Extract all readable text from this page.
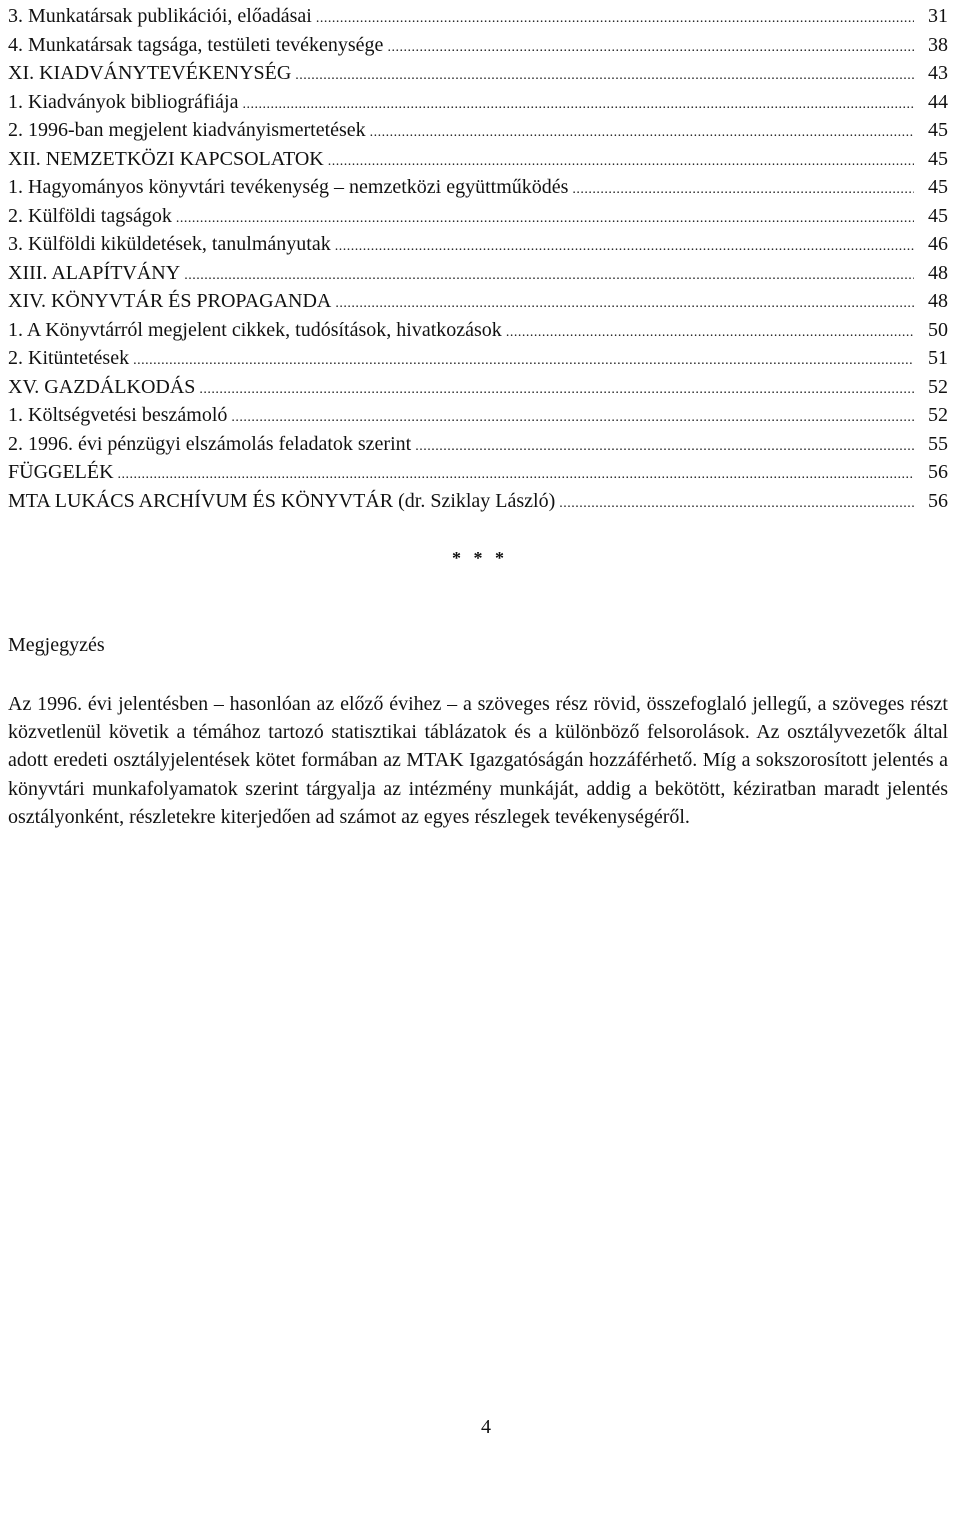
3. Munkatársak publikációi, előadásai .....	31
4. Munkatársak tagsága, testületi tevékenysége .....	38
XI. KIADVÁNYTEVÉKENYSÉG .....	43
1. Kiadványok bibliográfiája .....	44
2. 1996-ban megjelent kiadványismertetések .....	45
XII. NEMZETKÖZI KAPCSOLATOK .....	45
1. Hagyományos könyvtári tevékenység – nemzetközi együttműködés .....	45
2. Külföldi tagságok .....	45
3. Külföldi kiküldetések, tanulmányutak .....	46
XIII. ALAPÍTVÁNY .....	48
XIV. KÖNYVTÁR ÉS PROPAGANDA .....	48
1. A Könyvtárról megjelent cikkek, tudósítások, hivatkozások .....	50
2. Kitüntetések .....	51
XV. GAZDÁLKODÁS .....	52
1. Költségvetési beszámoló .....	52
2. 1996. évi pénzügyi elszámolás feladatok szerint .....	55
FÜGGELÉK .....	56
MTA LUKÁCS ARCHÍVUM ÉS KÖNYVTÁR (dr. Sziklay László) .....	56
* * *
Megjegyzés

Az 1996. évi jelentésben – hasonlóan az előző évihez – a szöveges rész rövid, összefoglaló jellegű, a szöveges részt közvetlenül követik a témához tartozó statisztikai táblázatok és a különböző felsorolások. Az osztályvezetők által adott eredeti osztályjelentések kötet formában az MTAK Igazgatóságán hozzáférhető. Míg a sokszorosított jelentés a könyvtári munkafolyamatok szerint tárgyalja az intézmény munkáját, addig a bekötött, kéziratban maradt jelentés osztályonként, részletekre kiterjedően ad számot az egyes részlegek tevékenységéről.

4
